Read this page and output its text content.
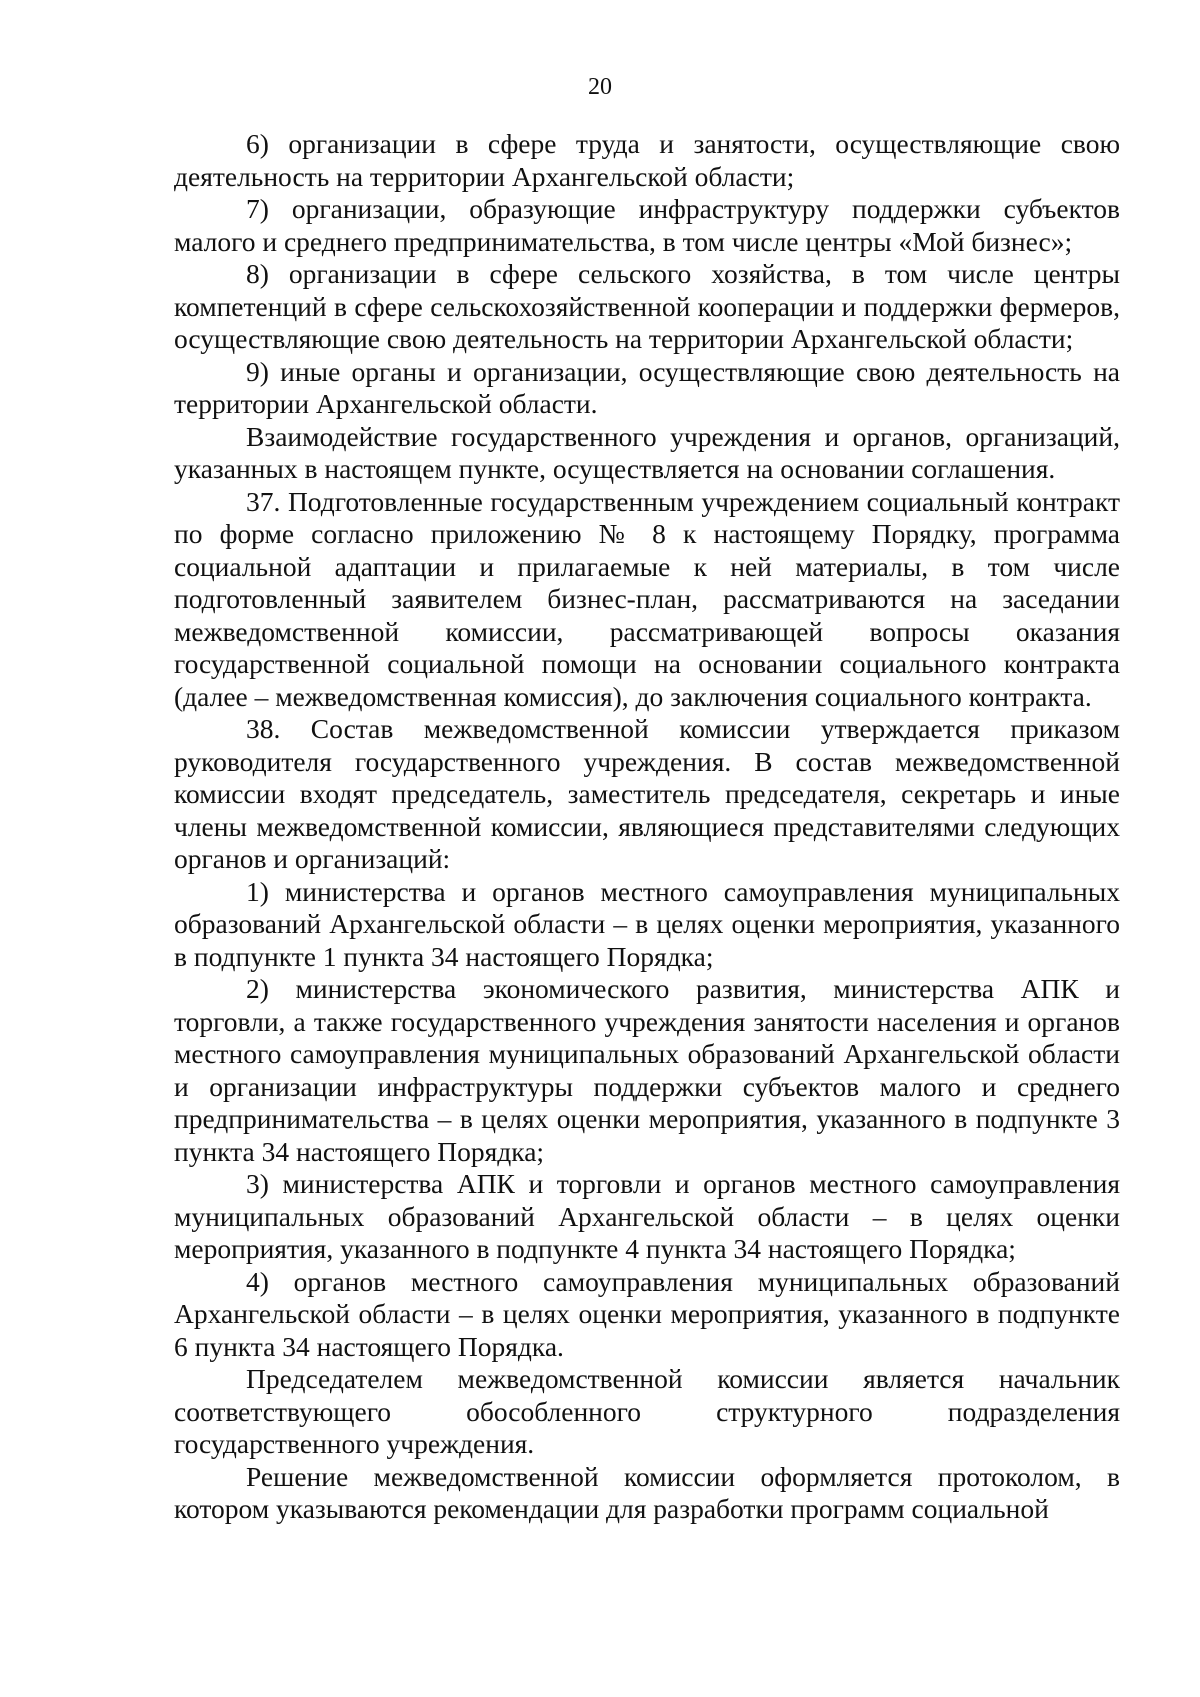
20

6) организации в сфере труда и занятости, осуществляющие свою деятельность на территории Архангельской области;

7) организации, образующие инфраструктуру поддержки субъектов малого и среднего предпринимательства, в том числе центры «Мой бизнес»;

8) организации в сфере сельского хозяйства, в том числе центры компетенций в сфере сельскохозяйственной кооперации и поддержки фермеров, осуществляющие свою деятельность на территории Архангельской области;

9) иные органы и организации, осуществляющие свою деятельность на территории Архангельской области.

Взаимодействие государственного учреждения и органов, организаций, указанных в настоящем пункте, осуществляется на основании соглашения.

37. Подготовленные государственным учреждением социальный контракт по форме согласно приложению № 8 к настоящему Порядку, программа социальной адаптации и прилагаемые к ней материалы, в том числе подготовленный заявителем бизнес-план, рассматриваются на заседании межведомственной комиссии, рассматривающей вопросы оказания государственной социальной помощи на основании социального контракта (далее – межведомственная комиссия), до заключения социального контракта.

38. Состав межведомственной комиссии утверждается приказом руководителя государственного учреждения. В состав межведомственной комиссии входят председатель, заместитель председателя, секретарь и иные члены межведомственной комиссии, являющиеся представителями следующих органов и организаций:

1) министерства и органов местного самоуправления муниципальных образований Архангельской области – в целях оценки мероприятия, указанного в подпункте 1 пункта 34 настоящего Порядка;

2) министерства экономического развития, министерства АПК и торговли, а также государственного учреждения занятости населения и органов местного самоуправления муниципальных образований Архангельской области и организации инфраструктуры поддержки субъектов малого и среднего предпринимательства – в целях оценки мероприятия, указанного в подпункте 3 пункта 34 настоящего Порядка;

3) министерства АПК и торговли и органов местного самоуправления муниципальных образований Архангельской области – в целях оценки мероприятия, указанного в подпункте 4 пункта 34 настоящего Порядка;

4) органов местного самоуправления муниципальных образований Архангельской области – в целях оценки мероприятия, указанного в подпункте 6 пункта 34 настоящего Порядка.

Председателем межведомственной комиссии является начальник соответствующего обособленного структурного подразделения государственного учреждения.

Решение межведомственной комиссии оформляется протоколом, в котором указываются рекомендации для разработки программ социальной
